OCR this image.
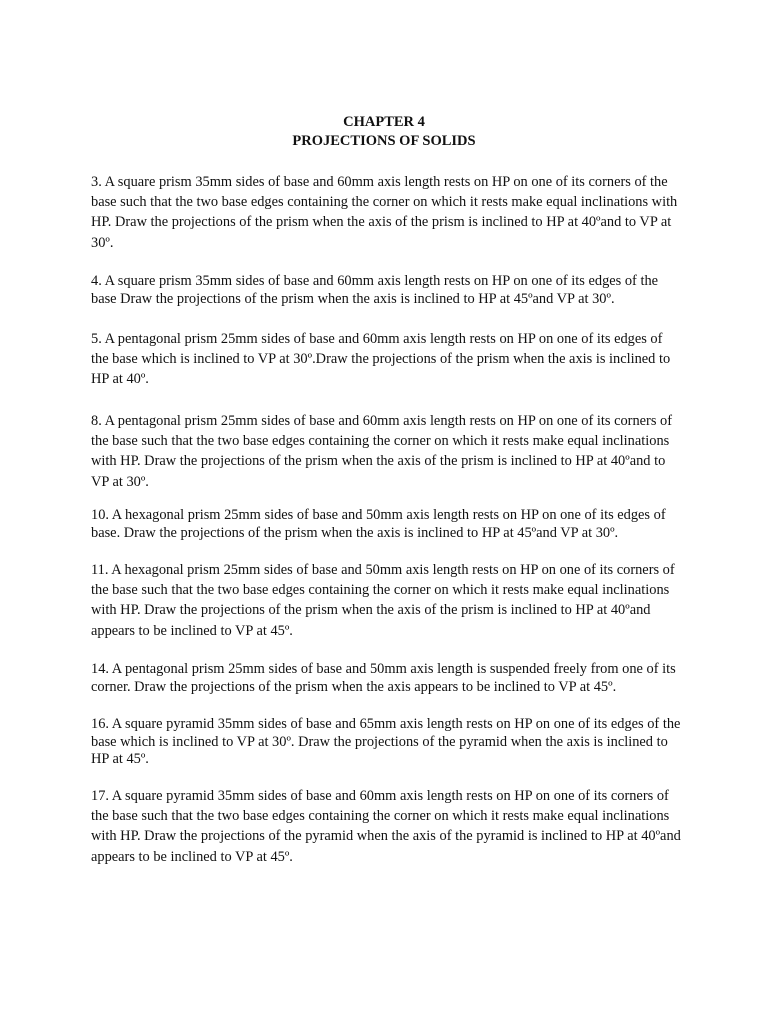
CHAPTER 4
PROJECTIONS OF SOLIDS

3. A square prism 35mm sides of base and 60mm axis length rests on HP on one of its corners of the base such that the two base edges containing the corner on which it rests make equal inclinations with HP. Draw the projections of the prism when the axis of the prism is inclined to HP at 40ºand to VP at 30º.

4. A square prism 35mm sides of base and 60mm axis length rests on HP on one of its edges of the base Draw the projections of the prism when the axis is inclined to HP at 45ºand VP at 30º.

5. A pentagonal prism 25mm sides of base and 60mm axis length rests on HP on one of its edges of the base which is inclined to VP at 30º.Draw the projections of the prism when the axis is inclined to HP at 40º.

8. A pentagonal prism 25mm sides of base and 60mm axis length rests on HP on one of its corners of the base such that the two base edges containing the corner on which it rests make equal inclinations with HP. Draw the projections of the prism when the axis of the prism is inclined to HP at 40ºand to VP at 30º.

10. A hexagonal prism 25mm sides of base and 50mm axis length rests on HP on one of its edges of base. Draw the projections of the prism when the axis is inclined to HP at 45ºand VP at 30º.

11. A hexagonal prism 25mm sides of base and 50mm axis length rests on HP on one of its corners of the base such that the two base edges containing the corner on which it rests make equal inclinations with HP. Draw the projections of the prism when the axis of the prism is inclined to HP at 40ºand appears to be inclined to VP at 45º.

14. A pentagonal prism 25mm sides of base and 50mm axis length is suspended freely from one of its corner. Draw the projections of the prism when the axis appears to be inclined to VP at 45º.

16. A square pyramid 35mm sides of base and 65mm axis length rests on HP on one of its edges of the base which is inclined to VP at 30º. Draw the projections of the pyramid when the axis is inclined to HP at 45º.

17. A square pyramid 35mm sides of base and 60mm axis length rests on HP on one of its corners of the base such that the two base edges containing the corner on which it rests make equal inclinations with HP. Draw the projections of the pyramid when the axis of the pyramid is inclined to HP at 40ºand appears to be inclined to VP at 45º.
